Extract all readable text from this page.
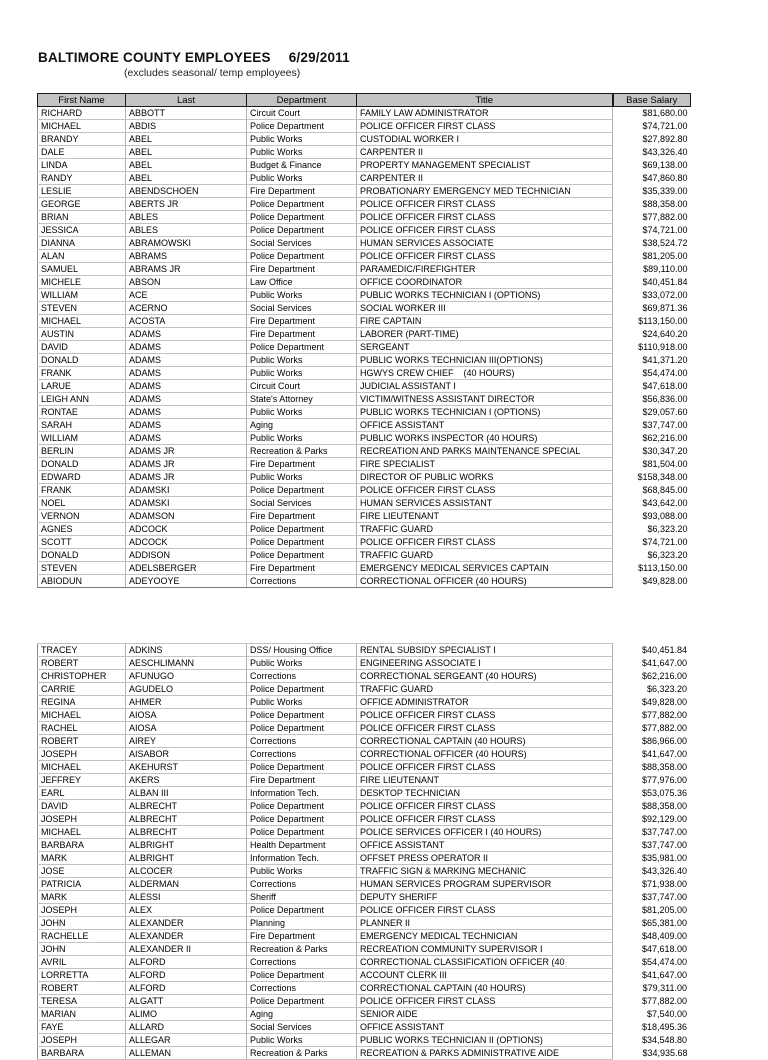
BALTIMORE COUNTY EMPLOYEES 6/29/2011
(excludes seasonal/ temp employees)
First Name	Last	Department	Title	Base Salary
RICHARD	ABBOTT	Circuit Court	FAMILY LAW ADMINISTRATOR	$81,680.00
MICHAEL	ABDIS	Police Department	POLICE OFFICER FIRST CLASS	$74,721.00
BRANDY	ABEL	Public Works	CUSTODIAL WORKER I	$27,892.80
DALE	ABEL	Public Works	CARPENTER II	$43,326.40
LINDA	ABEL	Budget & Finance	PROPERTY MANAGEMENT SPECIALIST	$69,138.00
RANDY	ABEL	Public Works	CARPENTER II	$47,860.80
LESLIE	ABENDSCHOEN	Fire Department	PROBATIONARY EMERGENCY MED TECHNICIAN	$35,339.00
GEORGE	ABERTS JR	Police Department	POLICE OFFICER FIRST CLASS	$88,358.00
BRIAN	ABLES	Police Department	POLICE OFFICER FIRST CLASS	$77,882.00
JESSICA	ABLES	Police Department	POLICE OFFICER FIRST CLASS	$74,721.00
DIANNA	ABRAMOWSKI	Social Services	HUMAN SERVICES ASSOCIATE	$38,524.72
ALAN	ABRAMS	Police Department	POLICE OFFICER FIRST CLASS	$81,205.00
SAMUEL	ABRAMS JR	Fire Department	PARAMEDIC/FIREFIGHTER	$89,110.00
MICHELE	ABSON	Law Office	OFFICE COORDINATOR	$40,451.84
WILLIAM	ACE	Public Works	PUBLIC WORKS TECHNICIAN I (OPTIONS)	$33,072.00
STEVEN	ACERNO	Social Services	SOCIAL WORKER III	$69,871.36
MICHAEL	ACOSTA	Fire Department	FIRE CAPTAIN	$113,150.00
AUSTIN	ADAMS	Fire Department	LABORER (PART-TIME)	$24,640.20
DAVID	ADAMS	Police Department	SERGEANT	$110,918.00
DONALD	ADAMS	Public Works	PUBLIC WORKS TECHNICIAN III(OPTIONS)	$41,371.20
FRANK	ADAMS	Public Works	HGWYS CREW CHIEF    (40 HOURS)	$54,474.00
LARUE	ADAMS	Circuit Court	JUDICIAL ASSISTANT I	$47,618.00
LEIGH ANN	ADAMS	State's Attorney	VICTIM/WITNESS ASSISTANT DIRECTOR	$56,836.00
RONTAE	ADAMS	Public Works	PUBLIC WORKS TECHNICIAN I (OPTIONS)	$29,057.60
SARAH	ADAMS	Aging	OFFICE ASSISTANT	$37,747.00
WILLIAM	ADAMS	Public Works	PUBLIC WORKS INSPECTOR (40 HOURS)	$62,216.00
BERLIN	ADAMS JR	Recreation & Parks	RECREATION AND PARKS MAINTENANCE SPECIAL	$30,347.20
DONALD	ADAMS JR	Fire Department	FIRE SPECIALIST	$81,504.00
EDWARD	ADAMS JR	Public Works	DIRECTOR OF PUBLIC WORKS	$158,348.00
FRANK	ADAMSKI	Police Department	POLICE OFFICER FIRST CLASS	$68,845.00
NOEL	ADAMSKI	Social Services	HUMAN SERVICES ASSISTANT	$43,642.00
VERNON	ADAMSON	Fire Department	FIRE LIEUTENANT	$93,088.00
AGNES	ADCOCK	Police Department	TRAFFIC GUARD	$6,323.20
SCOTT	ADCOCK	Police Department	POLICE OFFICER FIRST CLASS	$74,721.00
DONALD	ADDISON	Police Department	TRAFFIC GUARD	$6,323.20
STEVEN	ADELSBERGER	Fire Department	EMERGENCY MEDICAL SERVICES CAPTAIN	$113,150.00
ABIODUN	ADEYOOYE	Corrections	CORRECTIONAL OFFICER (40 HOURS)	$49,828.00
TRACEY	ADKINS	DSS/ Housing Office	RENTAL SUBSIDY SPECIALIST I	$40,451.84
ROBERT	AESCHLIMANN	Public Works	ENGINEERING ASSOCIATE I	$41,647.00
CHRISTOPHER	AFUNUGO	Corrections	CORRECTIONAL SERGEANT (40 HOURS)	$62,216.00
CARRIE	AGUDELO	Police Department	TRAFFIC GUARD	$6,323.20
REGINA	AHMER	Public Works	OFFICE ADMINISTRATOR	$49,828.00
MICHAEL	AIOSA	Police Department	POLICE OFFICER FIRST CLASS	$77,882.00
RACHEL	AIOSA	Police Department	POLICE OFFICER FIRST CLASS	$77,882.00
ROBERT	AIREY	Corrections	CORRECTIONAL CAPTAIN (40 HOURS)	$86,966.00
JOSEPH	AISABOR	Corrections	CORRECTIONAL OFFICER (40 HOURS)	$41,647.00
MICHAEL	AKEHURST	Police Department	POLICE OFFICER FIRST CLASS	$88,358.00
JEFFREY	AKERS	Fire Department	FIRE LIEUTENANT	$77,976.00
EARL	ALBAN III	Information Tech.	DESKTOP TECHNICIAN	$53,075.36
DAVID	ALBRECHT	Police Department	POLICE OFFICER FIRST CLASS	$88,358.00
JOSEPH	ALBRECHT	Police Department	POLICE OFFICER FIRST CLASS	$92,129.00
MICHAEL	ALBRECHT	Police Department	POLICE SERVICES OFFICER I (40 HOURS)	$37,747.00
BARBARA	ALBRIGHT	Health Department	OFFICE ASSISTANT	$37,747.00
MARK	ALBRIGHT	Information Tech.	OFFSET PRESS OPERATOR II	$35,981.00
JOSE	ALCOCER	Public Works	TRAFFIC SIGN & MARKING MECHANIC	$43,326.40
PATRICIA	ALDERMAN	Corrections	HUMAN SERVICES PROGRAM SUPERVISOR	$71,938.00
MARK	ALESSI	Sheriff	DEPUTY SHERIFF	$37,747.00
JOSEPH	ALEX	Police Department	POLICE OFFICER FIRST CLASS	$81,205.00
JOHN	ALEXANDER	Planning	PLANNER II	$65,381.00
RACHELLE	ALEXANDER	Fire Department	EMERGENCY MEDICAL TECHNICIAN	$48,409.00
JOHN	ALEXANDER II	Recreation & Parks	RECREATION COMMUNITY SUPERVISOR I	$47,618.00
AVRIL	ALFORD	Corrections	CORRECTIONAL CLASSIFICATION OFFICER (40	$54,474.00
LORRETTA	ALFORD	Police Department	ACCOUNT CLERK III	$41,647.00
ROBERT	ALFORD	Corrections	CORRECTIONAL CAPTAIN (40 HOURS)	$79,311.00
TERESA	ALGATT	Police Department	POLICE OFFICER FIRST CLASS	$77,882.00
MARIAN	ALIMO	Aging	SENIOR AIDE	$7,540.00
FAYE	ALLARD	Social Services	OFFICE ASSISTANT	$18,495.36
JOSEPH	ALLEGAR	Public Works	PUBLIC WORKS TECHNICIAN II (OPTIONS)	$34,548.80
BARBARA	ALLEMAN	Recreation & Parks	RECREATION & PARKS ADMINISTRATIVE AIDE	$34,935.68
